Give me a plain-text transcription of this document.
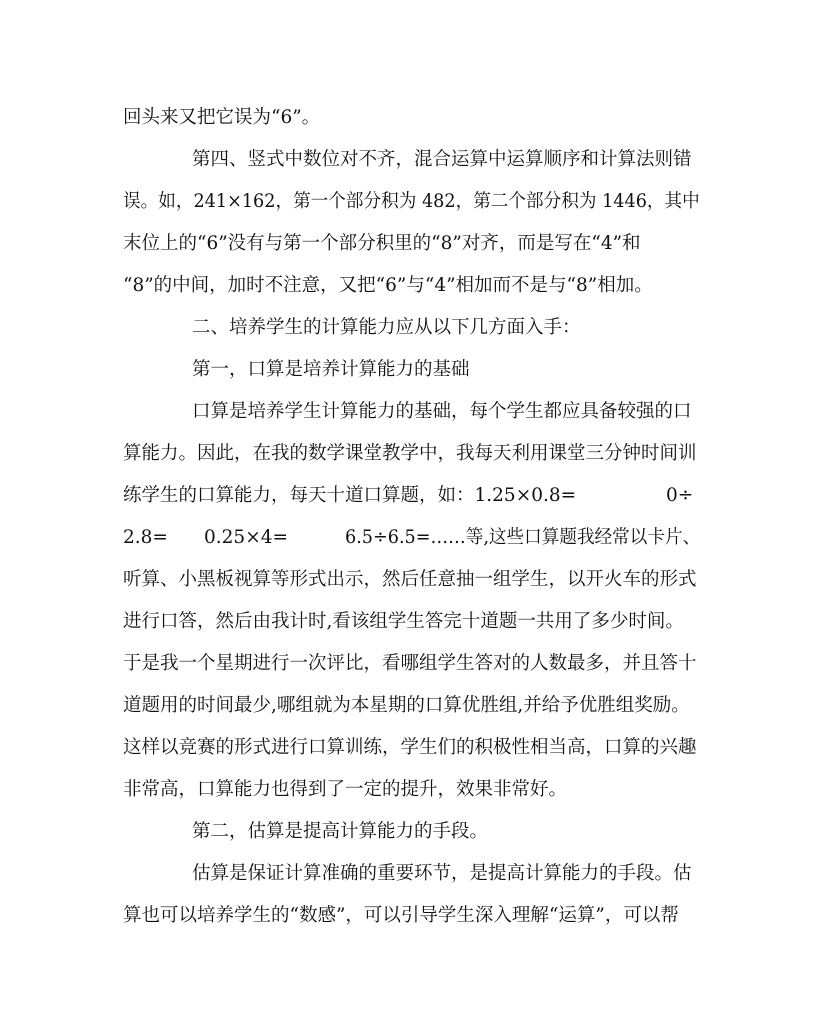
回头来又把它误为“6”。

第四、竖式中数位对不齐，混合运算中运算顺序和计算法则错

误。如，241×162，第一个部分积为 482，第二个部分积为 1446，其中

末位上的“6”没有与第一个部分积里的“8”对齐，而是写在“4”和

“8”的中间，加时不注意，又把“6”与“4”相加而不是与“8”相加。

二、培养学生的计算能力应从以下几方面入手：

第一，口算是培养计算能力的基础

口算是培养学生计算能力的基础，每个学生都应具备较强的口

算能力。因此，在我的数学课堂教学中，我每天利用课堂三分钟时间训

练学生的口算能力，每天十道口算题，如：1.25×0.8=

	0÷

2.8=

0.25×4=

	6.5÷6.5=……等,这些口算题我经常以卡片、

听算、小黑板视算等形式出示，然后任意抽一组学生，以开火车的形式

进行口答，然后由我计时,看该组学生答完十道题一共用了多少时间。

于是我一个星期进行一次评比，看哪组学生答对的人数最多，并且答十

道题用的时间最少,哪组就为本星期的口算优胜组,并给予优胜组奖励。

这样以竞赛的形式进行口算训练，学生们的积极性相当高，口算的兴趣

非常高，口算能力也得到了一定的提升，效果非常好。

第二，估算是提高计算能力的手段。

估算是保证计算准确的重要环节，是提高计算能力的手段。估

算也可以培养学生的“数感”，可以引导学生深入理解“运算”，可以帮
